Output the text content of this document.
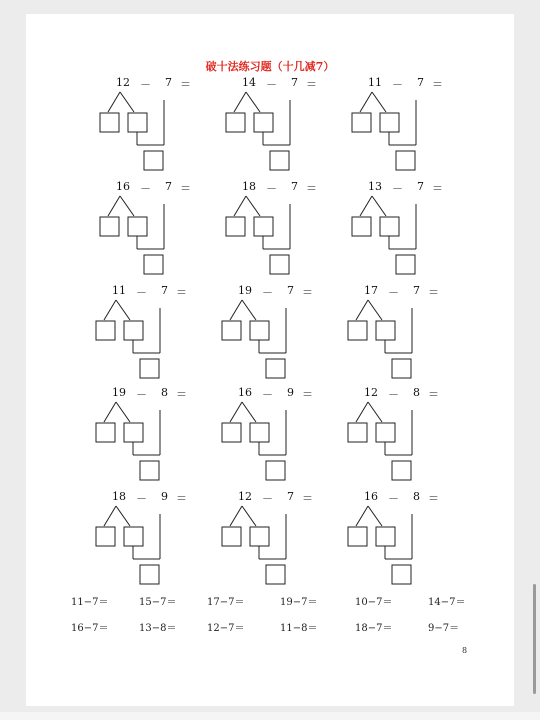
破十法练习题（十几减7）
12 － 7 ＝	14 － 7 ＝	11 － 7 ＝
16 － 7 ＝	18 － 7 ＝	13 － 7 ＝
11 － 7 ＝	19 － 7 ＝	17 － 7 ＝
19 － 8 ＝	16 － 9 ＝	12 － 8 ＝
18 － 9 ＝	12 － 7 ＝	16 － 8 ＝
11−7＝	15−7＝	17−7＝	19−7＝	10−7＝	14−7＝
16−7＝	13−8＝	12−7＝	11−8＝	18−7＝	9−7＝
8
